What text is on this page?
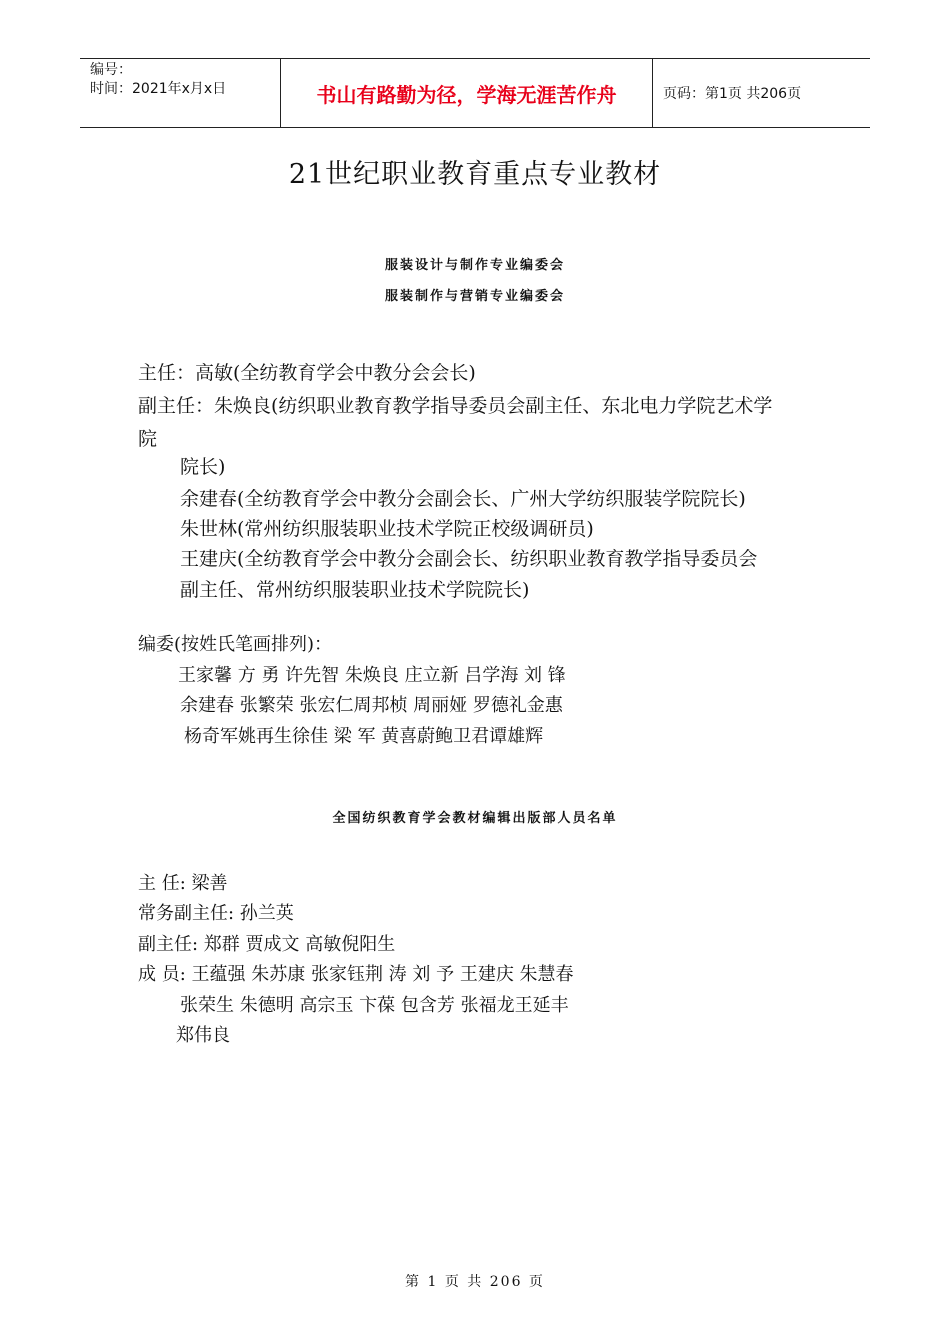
编号：
时间：2021年x月x日	书山有路勤为径，学海无涯苦作舟	页码：第1页 共206页
21世纪职业教育重点专业教材
服装设计与制作专业编委会
服装制作与营销专业编委会
主任：高敏(全纺教育学会中教分会会长)
副主任：朱焕良(纺织职业教育教学指导委员会副主任、东北电力学院艺术学
院
院长)
余建春(全纺教育学会中教分会副会长、广州大学纺织服装学院院长)
朱世林(常州纺织服装职业技术学院正校级调研员)
王建庆(全纺教育学会中教分会副会长、纺织职业教育教学指导委员会
副主任、常州纺织服装职业技术学院院长)
编委(按姓氏笔画排列)：
王家馨 方 勇 许先智 朱焕良 庄立新 吕学海 刘 锋
余建春 张繁荣 张宏仁周邦桢 周丽娅 罗德礼金惠
杨奇军姚再生徐佳 梁 军 黄喜蔚鲍卫君谭雄辉
全国纺织教育学会教材编辑出版部人员名单
主 任: 梁善
常务副主任: 孙兰英
副主任: 郑群 贾成文 高敏倪阳生
成 员: 王蕴强 朱苏康 张家钰荆 涛 刘 予 王建庆 朱慧春
张荣生 朱德明 高宗玉 卞葆 包含芳 张福龙王延丰
郑伟良
第 1 页 共 206 页
